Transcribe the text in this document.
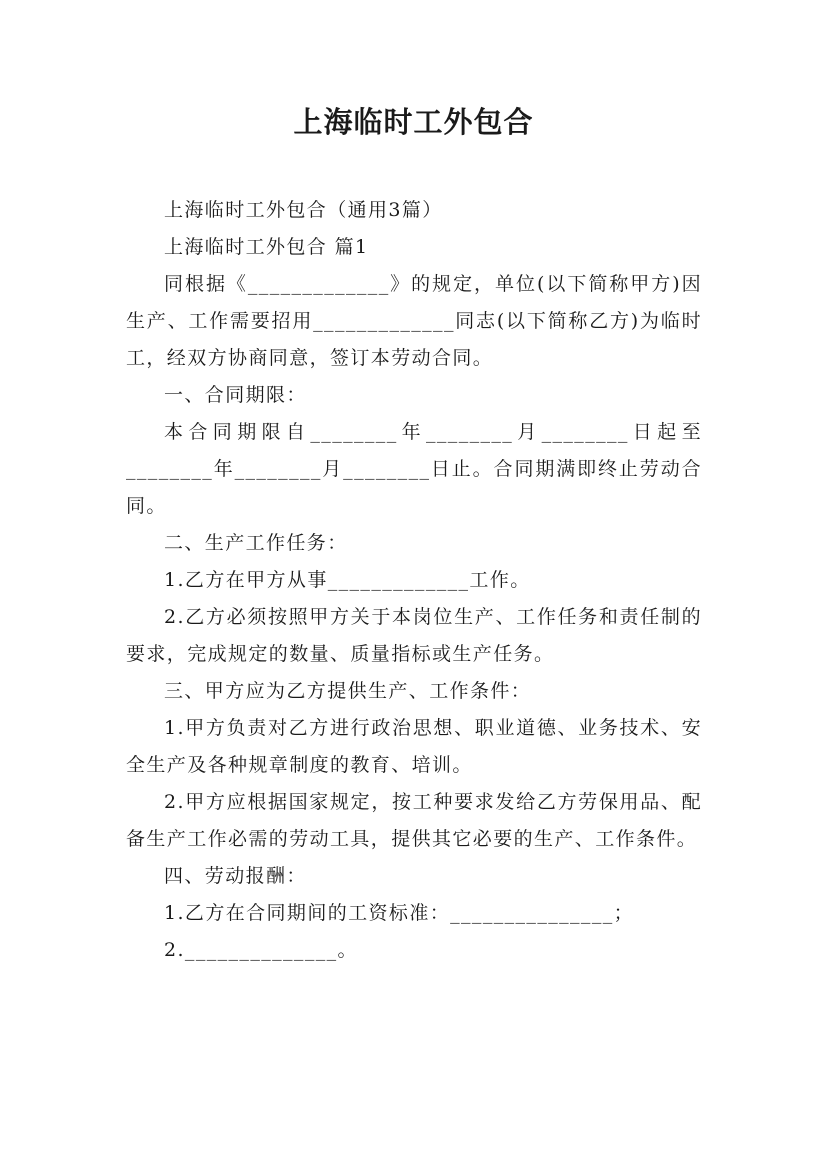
上海临时工外包合

上海临时工外包合（通用3篇）

上海临时工外包合 篇1

同根据《_____________》的规定，单位(以下简称甲方)因生产、工作需要招用_____________同志(以下简称乙方)为临时工，经双方协商同意，签订本劳动合同。

一、合同期限：

本合同期限自________年________月________日起至________年________月________日止。合同期满即终止劳动合同。

二、生产工作任务：

1.乙方在甲方从事_____________工作。

2.乙方必须按照甲方关于本岗位生产、工作任务和责任制的要求，完成规定的数量、质量指标或生产任务。

三、甲方应为乙方提供生产、工作条件：

1.甲方负责对乙方进行政治思想、职业道德、业务技术、安全生产及各种规章制度的教育、培训。

2.甲方应根据国家规定，按工种要求发给乙方劳保用品、配备生产工作必需的劳动工具，提供其它必要的生产、工作条件。

四、劳动报酬：

1.乙方在合同期间的工资标准：_______________；

2.______________。
